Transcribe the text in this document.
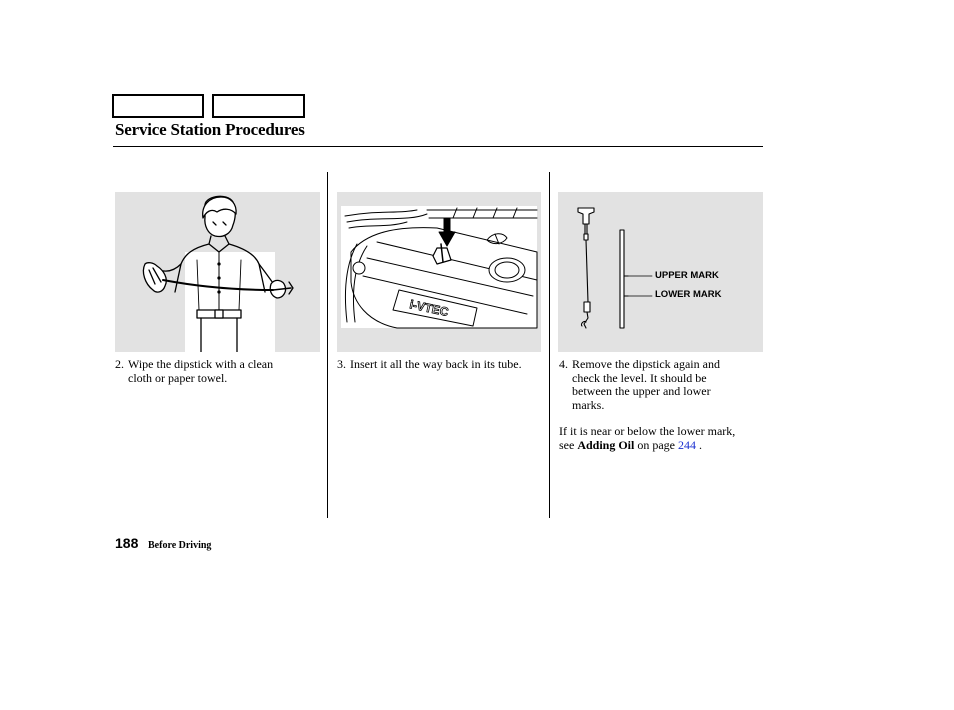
Service Station Procedures
i-VTEC
UPPER MARK
LOWER MARK
2. Wipe the dipstick with a clean
cloth or paper towel.
3. Insert it all the way back in its tube.	4. Remove the dipstick again and
check the level. It should be
between the upper and lower
marks.
If it is near or below the lower mark,
see Adding Oil on page 244 .
188 Before Driving
